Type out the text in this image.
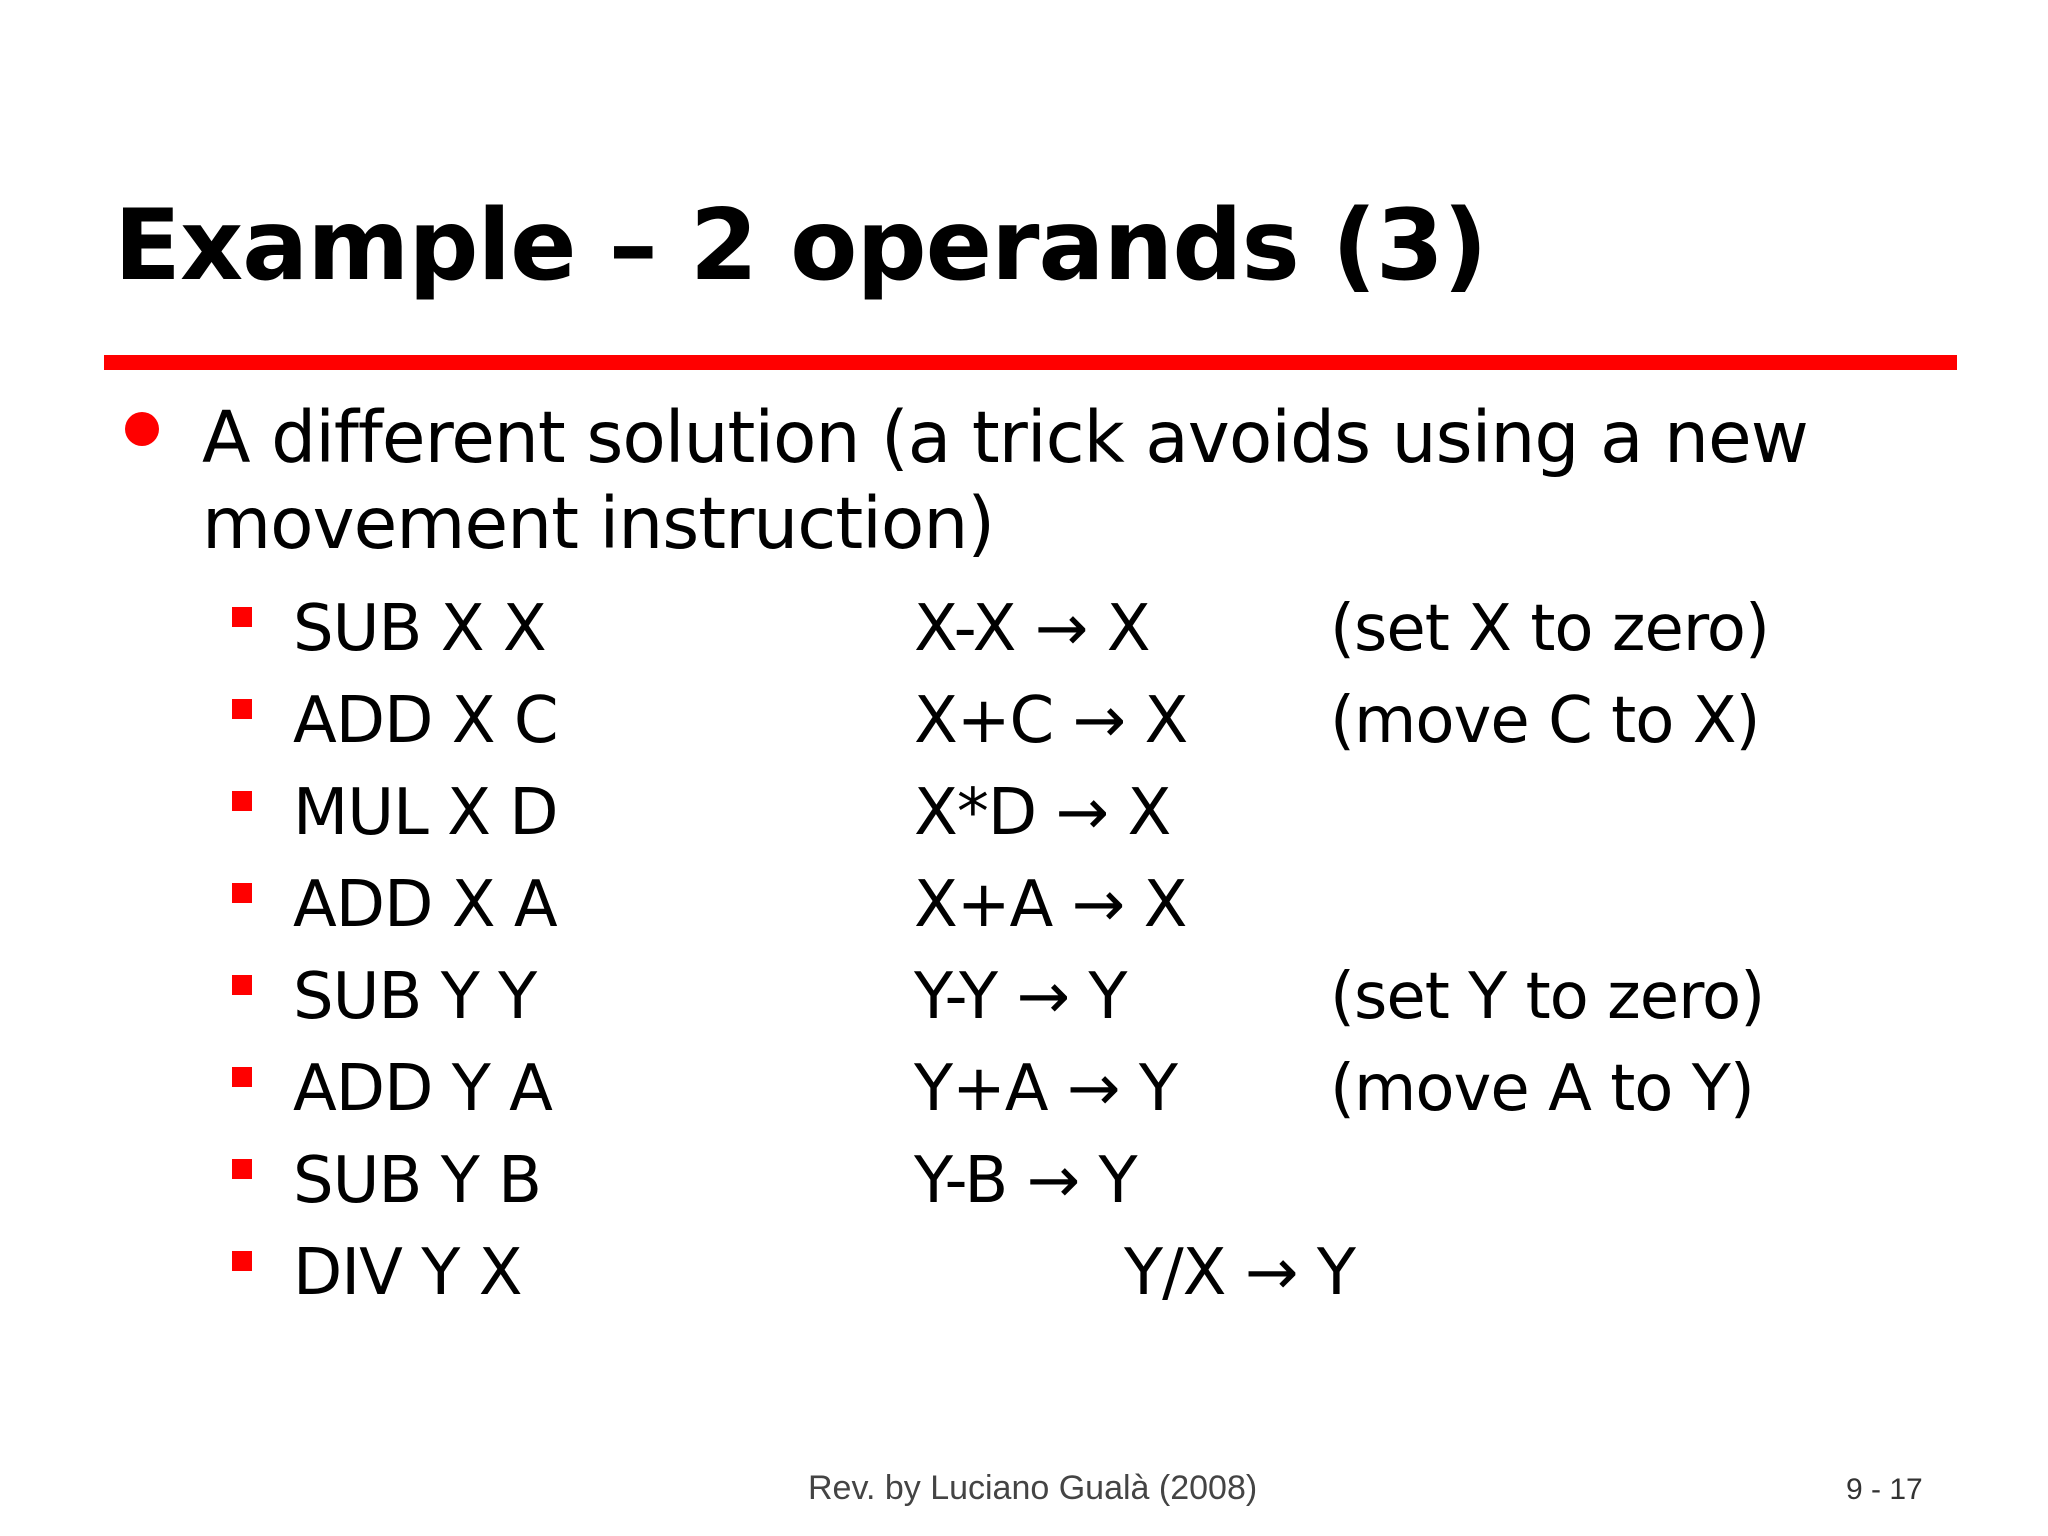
Example – 2 operands (3)

A different solution (a trick avoids using a new movement instruction)

SUB X X	X-X → X	(set X to zero)
ADD X C	X+C → X (move C to X)
MUL X D	X*D → X
ADD X A	X+A → X
SUB Y Y	Y-Y → Y	(set Y to zero)
ADD Y A	Y+A → Y (move A to Y)
SUB Y B	Y-B → Y
DIV Y X	Y/X → Y
Rev. by Luciano Gualà (2008)	9 - 17
